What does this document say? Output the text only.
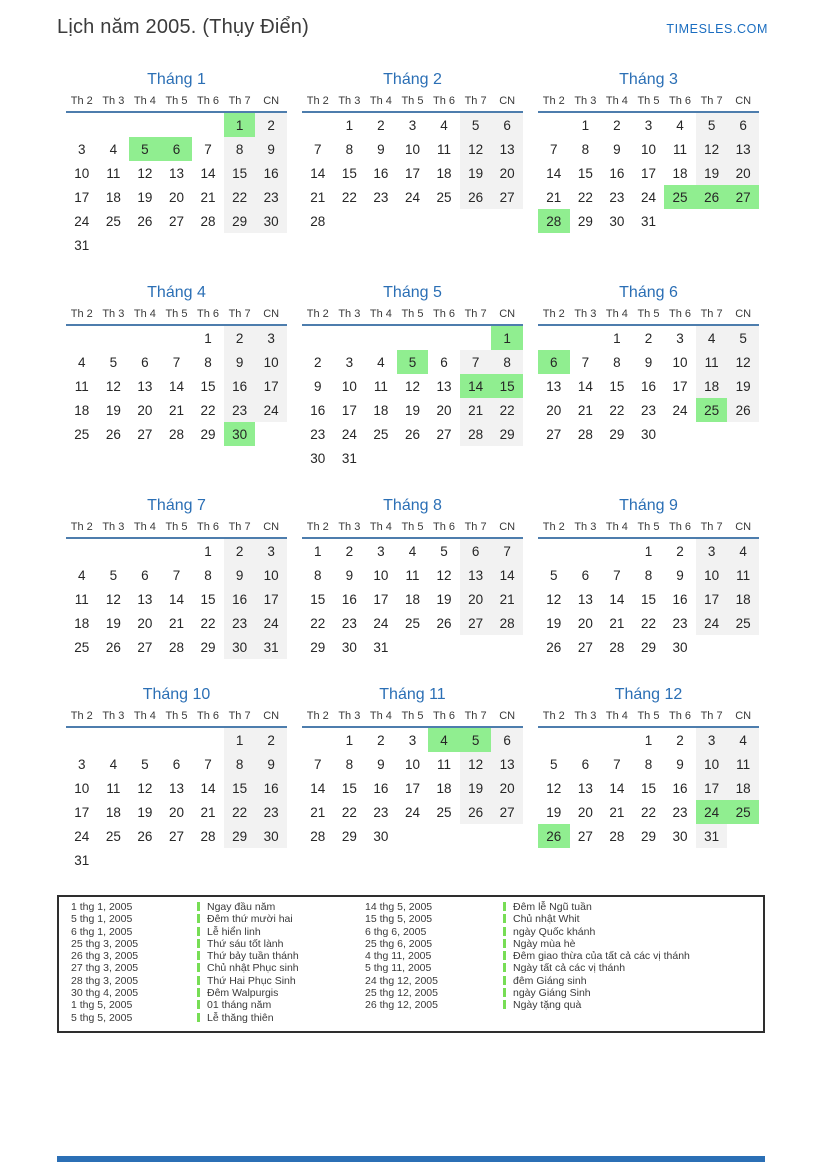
Lịch năm 2005. (Thụy Điển)	TIMESLES.COM
Tháng 1
Th 2	Th 3	Th 4	Th 5	Th 6	Th 7	CN
					1	2
3	4	5	6	7	8	9
10	11	12	13	14	15	16
17	18	19	20	21	22	23
24	25	26	27	28	29	30
31						
Tháng 2
Th 2	Th 3	Th 4	Th 5	Th 6	Th 7	CN
	1	2	3	4	5	6
7	8	9	10	11	12	13
14	15	16	17	18	19	20
21	22	23	24	25	26	27
28						
Tháng 3
Th 2	Th 3	Th 4	Th 5	Th 6	Th 7	CN
	1	2	3	4	5	6
7	8	9	10	11	12	13
14	15	16	17	18	19	20
21	22	23	24	25	26	27
28	29	30	31			
Tháng 4
Th 2	Th 3	Th 4	Th 5	Th 6	Th 7	CN
				1	2	3
4	5	6	7	8	9	10
11	12	13	14	15	16	17
18	19	20	21	22	23	24
25	26	27	28	29	30	
Tháng 5
Th 2	Th 3	Th 4	Th 5	Th 6	Th 7	CN
						1
2	3	4	5	6	7	8
9	10	11	12	13	14	15
16	17	18	19	20	21	22
23	24	25	26	27	28	29
30	31					
Tháng 6
Th 2	Th 3	Th 4	Th 5	Th 6	Th 7	CN
		1	2	3	4	5
6	7	8	9	10	11	12
13	14	15	16	17	18	19
20	21	22	23	24	25	26
27	28	29	30			
Tháng 7
Th 2	Th 3	Th 4	Th 5	Th 6	Th 7	CN
				1	2	3
4	5	6	7	8	9	10
11	12	13	14	15	16	17
18	19	20	21	22	23	24
25	26	27	28	29	30	31
Tháng 8
Th 2	Th 3	Th 4	Th 5	Th 6	Th 7	CN
1	2	3	4	5	6	7
8	9	10	11	12	13	14
15	16	17	18	19	20	21
22	23	24	25	26	27	28
29	30	31				
Tháng 9
Th 2	Th 3	Th 4	Th 5	Th 6	Th 7	CN
			1	2	3	4
5	6	7	8	9	10	11
12	13	14	15	16	17	18
19	20	21	22	23	24	25
26	27	28	29	30		
Tháng 10
Th 2	Th 3	Th 4	Th 5	Th 6	Th 7	CN
					1	2
3	4	5	6	7	8	9
10	11	12	13	14	15	16
17	18	19	20	21	22	23
24	25	26	27	28	29	30
31						
Tháng 11
Th 2	Th 3	Th 4	Th 5	Th 6	Th 7	CN
	1	2	3	4	5	6
7	8	9	10	11	12	13
14	15	16	17	18	19	20
21	22	23	24	25	26	27
28	29	30				
Tháng 12
Th 2	Th 3	Th 4	Th 5	Th 6	Th 7	CN
			1	2	3	4
5	6	7	8	9	10	11
12	13	14	15	16	17	18
19	20	21	22	23	24	25
26	27	28	29	30	31	
1 thg 1, 2005	Ngay đầu năm	14 thg 5, 2005	Đêm lễ Ngũ tuần
5 thg 1, 2005	Đêm thứ mười hai	15 thg 5, 2005	Chủ nhật Whit
6 thg 1, 2005	Lễ hiển linh	6 thg 6, 2005	ngày Quốc khánh
25 thg 3, 2005	Thứ sáu tốt lành	25 thg 6, 2005	Ngày mùa hè
26 thg 3, 2005	Thứ bảy tuần thánh	4 thg 11, 2005	Đêm giao thừa của tất cả các vị thánh
27 thg 3, 2005	Chủ nhật Phục sinh	5 thg 11, 2005	Ngày tất cả các vị thánh
28 thg 3, 2005	Thứ Hai Phục Sinh	24 thg 12, 2005	đêm Giáng sinh
30 thg 4, 2005	Đêm Walpurgis	25 thg 12, 2005	ngày Giáng Sinh
1 thg 5, 2005	01 tháng năm	26 thg 12, 2005	Ngày tặng quà
5 thg 5, 2005	Lễ thăng thiên
